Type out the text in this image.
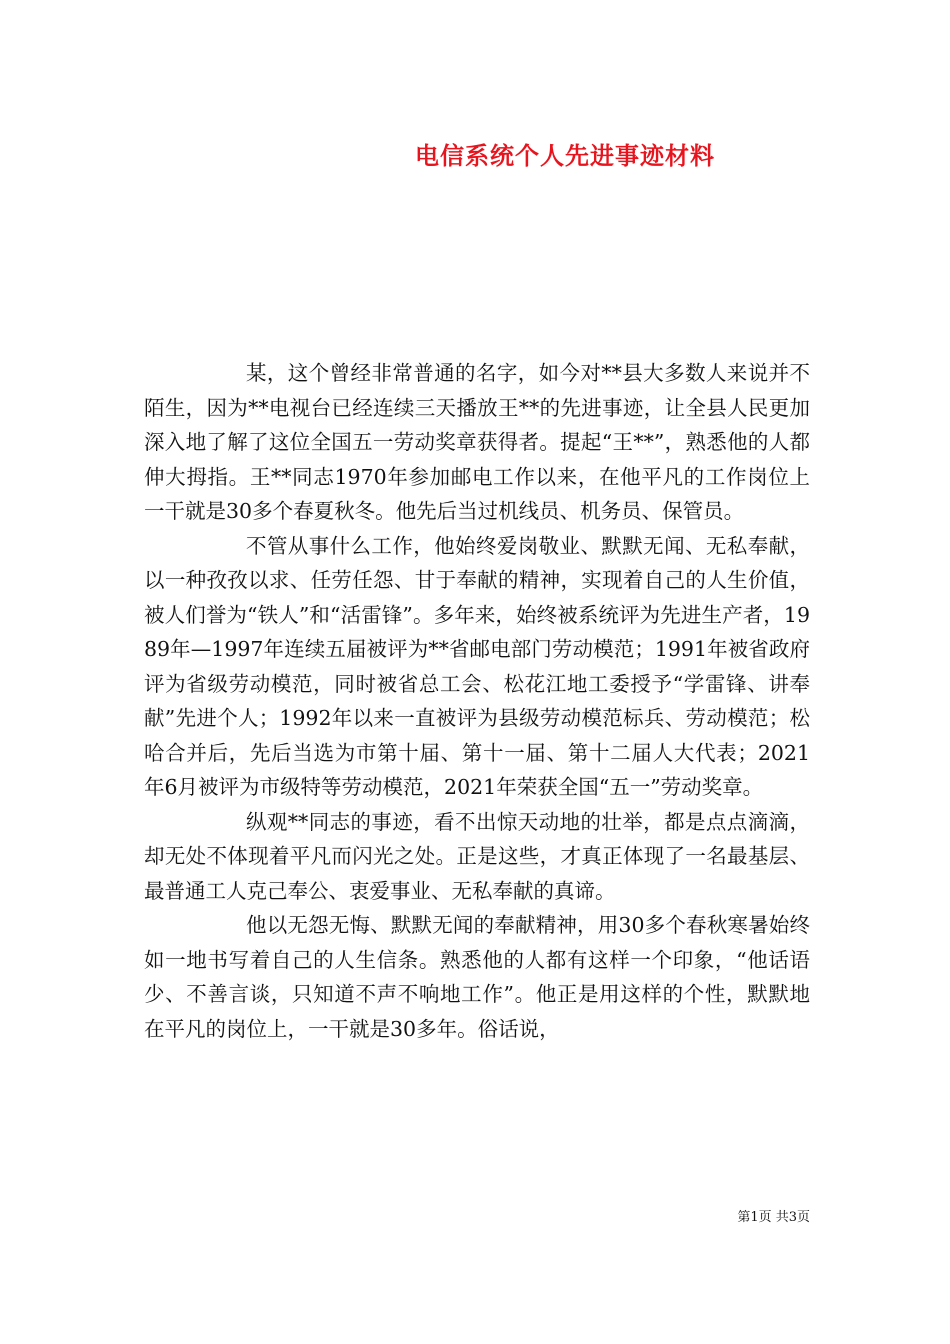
电信系统个人先进事迹材料

某，这个曾经非常普通的名字，如今对**县大多数人来说并不陌生，因为**电视台已经连续三天播放王**的先进事迹，让全县人民更加深入地了解了这位全国五一劳动奖章获得者。提起“王**”，熟悉他的人都伸大拇指。王**同志1970年参加邮电工作以来，在他平凡的工作岗位上一干就是30多个春夏秋冬。他先后当过机线员、机务员、保管员。

不管从事什么工作，他始终爱岗敬业、默默无闻、无私奉献，以一种孜孜以求、任劳任怨、甘于奉献的精神，实现着自己的人生价值，被人们誉为“铁人”和“活雷锋”。多年来，始终被系统评为先进生产者，1989年—1997年连续五届被评为**省邮电部门劳动模范；1991年被省政府评为省级劳动模范，同时被省总工会、松花江地工委授予“学雷锋、讲奉献”先进个人；1992年以来一直被评为县级劳动模范标兵、劳动模范；松哈合并后，先后当选为市第十届、第十一届、第十二届人大代表；2021年6月被评为市级特等劳动模范，2021年荣获全国“五一”劳动奖章。

纵观**同志的事迹，看不出惊天动地的壮举，都是点点滴滴，却无处不体现着平凡而闪光之处。正是这些，才真正体现了一名最基层、最普通工人克己奉公、衷爱事业、无私奉献的真谛。

他以无怨无悔、默默无闻的奉献精神，用30多个春秋寒暑始终如一地书写着自己的人生信条。熟悉他的人都有这样一个印象，“他话语少、不善言谈，只知道不声不响地工作”。他正是用这样的个性，默默地在平凡的岗位上，一干就是30多年。俗话说，

第1页 共3页
